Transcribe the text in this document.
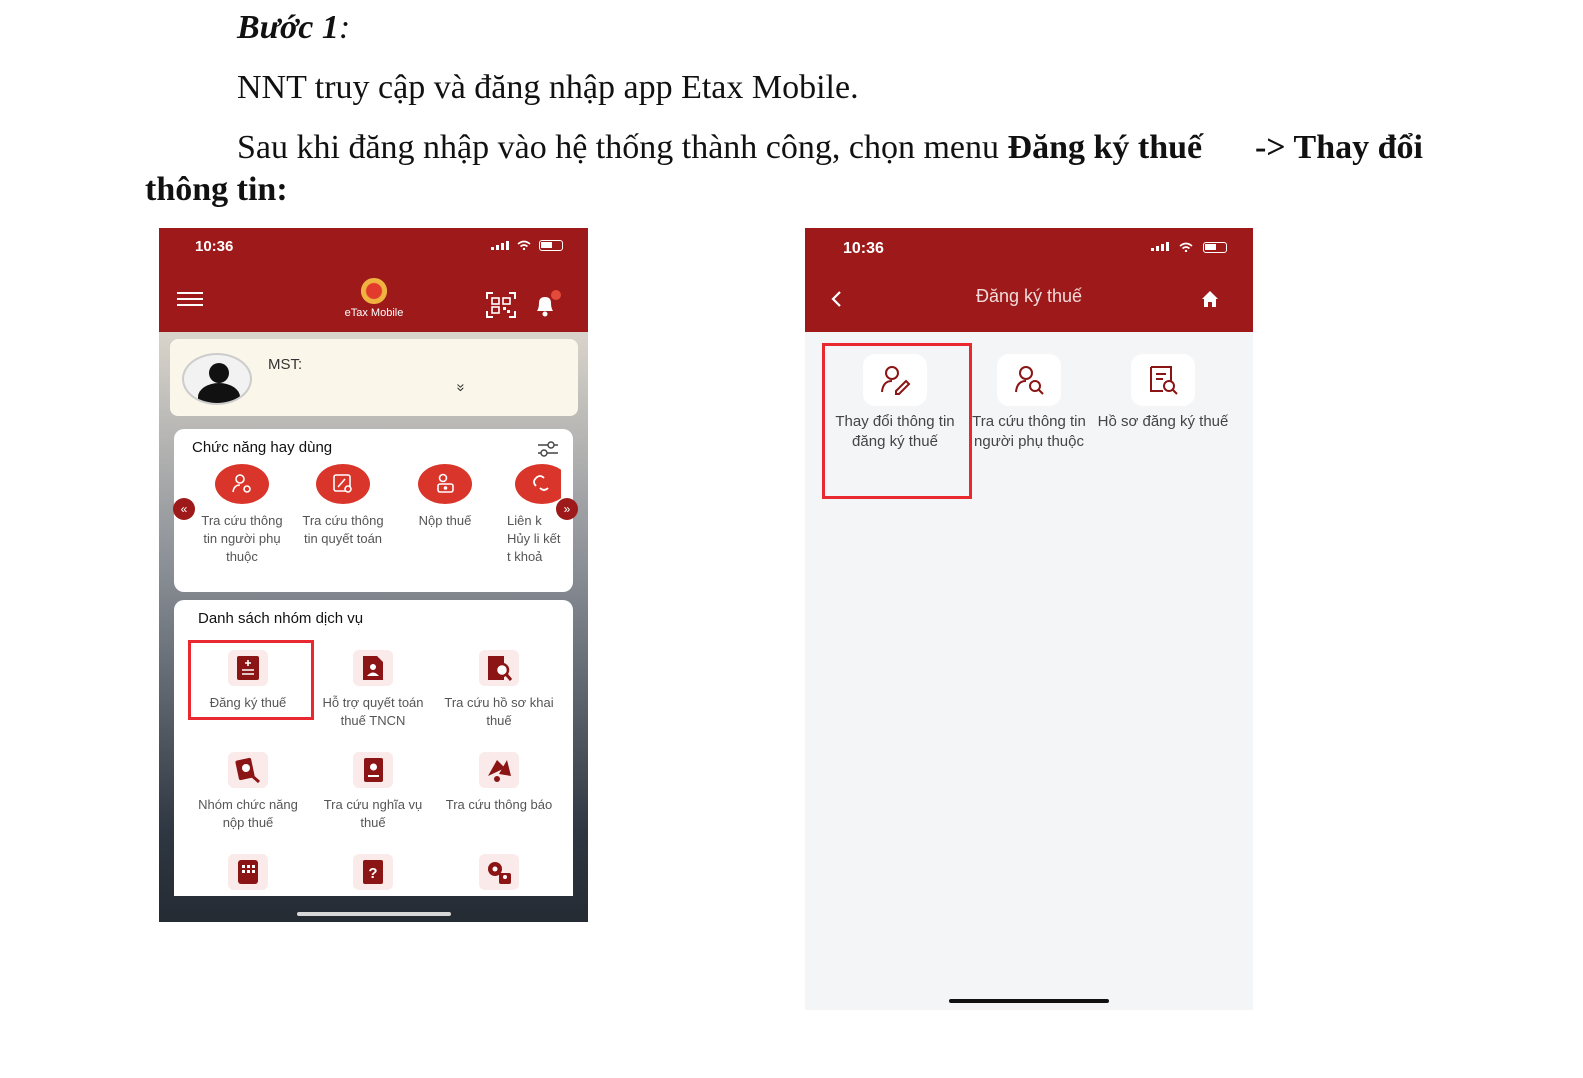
Bước 1:
NNT truy cập và đăng nhập app Etax Mobile.
Sau khi đăng nhập vào hệ thống thành công, chọn menu Đăng ký thuế -> Thay đổi
thông tin:
10:36
eTax Mobile
MST:
»
Chức năng hay dùng
Tra cứu thông tin người phụ thuộc
Tra cứu thông tin quyết toán
Nộp thuế	Liên k Hủy li kết t khoả
«	»
Danh sách nhóm dịch vụ
Đăng ký thuế	Hỗ trợ quyết toán thuế TNCN
Tra cứu hồ sơ khai thuế
Nhóm chức năng nộp thuế
Tra cứu nghĩa vụ thuế
Tra cứu thông báo
?
10:36
Đăng ký thuế
Thay đổi thông tin đăng ký thuế
Tra cứu thông tin người phụ thuộc
Hồ sơ đăng ký thuế
